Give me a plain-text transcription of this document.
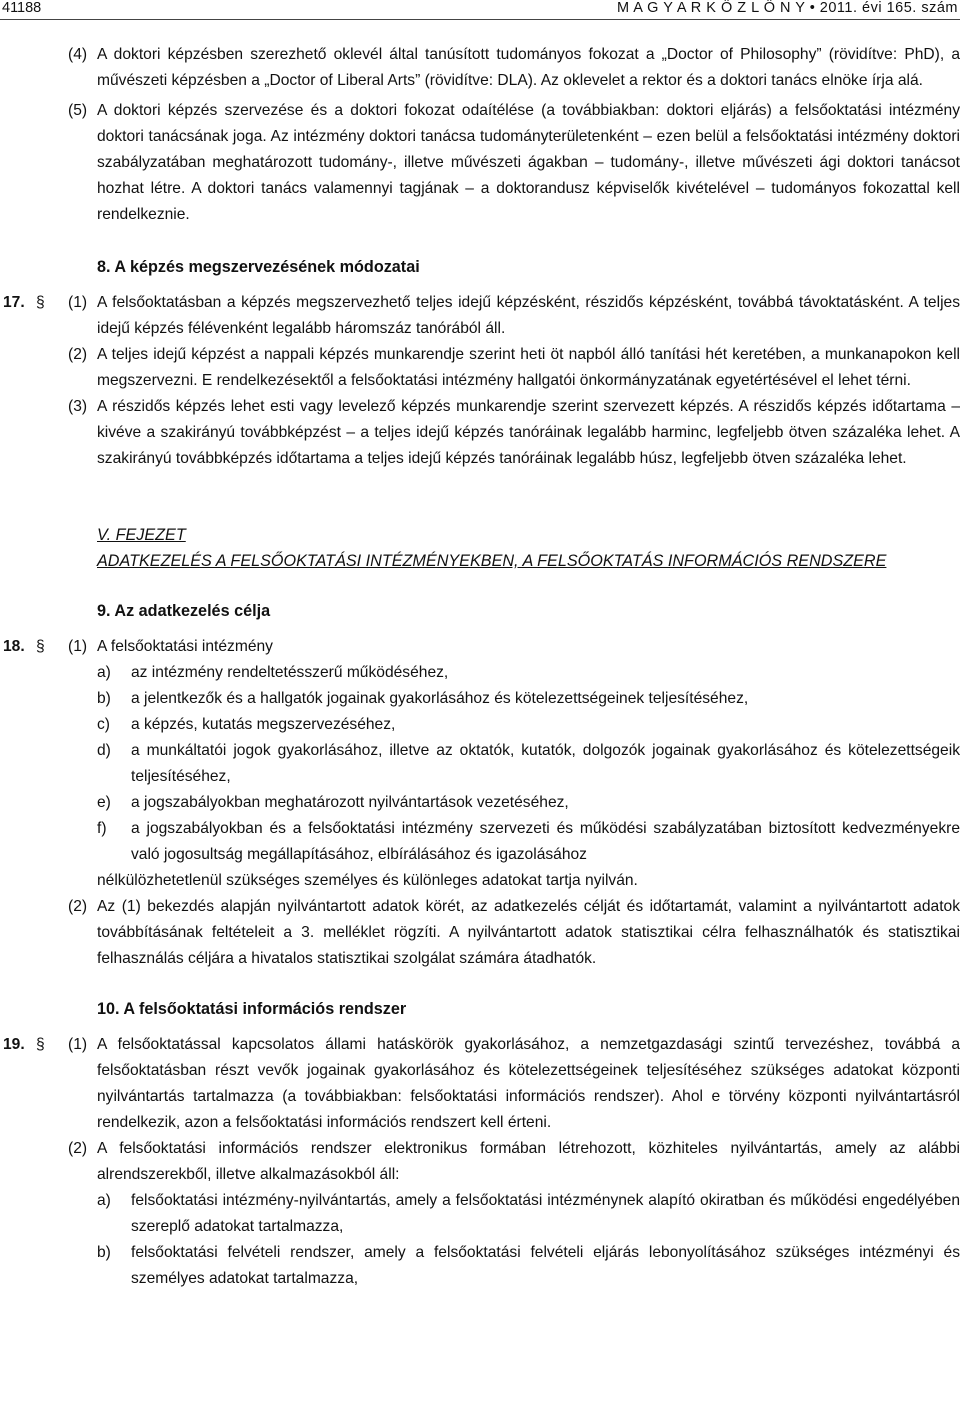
41188	M A G Y A R K Ö Z L Ö N Y • 2011. évi 165. szám
(4) A doktori képzésben szerezhető oklevél által tanúsított tudományos fokozat a „Doctor of Philosophy” (rövidítve: PhD), a művészeti képzésben a „Doctor of Liberal Arts” (rövidítve: DLA). Az oklevelet a rektor és a doktori tanács elnöke írja alá.
(5) A doktori képzés szervezése és a doktori fokozat odaítélése (a továbbiakban: doktori eljárás) a felsőoktatási intézmény doktori tanácsának joga. Az intézmény doktori tanácsa tudományterületenként – ezen belül a felsőoktatási intézmény doktori szabályzatában meghatározott tudomány-, illetve művészeti ágakban – tudomány-, illetve művészeti ági doktori tanácsot hozhat létre. A doktori tanács valamennyi tagjának – a doktorandusz képviselők kivételével – tudományos fokozattal kell rendelkeznie.
8. A képzés megszervezésének módozatai
17. § (1) A felsőoktatásban a képzés megszervezhető teljes idejű képzésként, részidős képzésként, továbbá távoktatásként. A teljes idejű képzés félévenként legalább háromszáz tanórából áll.
(2) A teljes idejű képzést a nappali képzés munkarendje szerint heti öt napból álló tanítási hét keretében, a munkanapokon kell megszervezni. E rendelkezésektől a felsőoktatási intézmény hallgatói önkormányzatának egyetértésével el lehet térni.
(3) A részidős képzés lehet esti vagy levelező képzés munkarendje szerint szervezett képzés. A részidős képzés időtartama – kivéve a szakirányú továbbképzést – a teljes idejű képzés tanóráinak legalább harminc, legfeljebb ötven százaléka lehet. A szakirányú továbbképzés időtartama a teljes idejű képzés tanóráinak legalább húsz, legfeljebb ötven százaléka lehet.
V. FEJEZET
ADATKEZELÉS A FELSŐOKTATÁSI INTÉZMÉNYEKBEN, A FELSŐOKTATÁS INFORMÁCIÓS RENDSZERE
9. Az adatkezelés célja
18. § (1) A felsőoktatási intézmény
a) az intézmény rendeltetésszerű működéséhez,
b) a jelentkezők és a hallgatók jogainak gyakorlásához és kötelezettségeinek teljesítéséhez,
c) a képzés, kutatás megszervezéséhez,
d) a munkáltatói jogok gyakorlásához, illetve az oktatók, kutatók, dolgozók jogainak gyakorlásához és kötelezettségeik teljesítéséhez,
e) a jogszabályokban meghatározott nyilvántartások vezetéséhez,
f) a jogszabályokban és a felsőoktatási intézmény szervezeti és működési szabályzatában biztosított kedvezményekre való jogosultság megállapításához, elbírálásához és igazolásához
nélkülözhetetlenül szükséges személyes és különleges adatokat tartja nyilván.
(2) Az (1) bekezdés alapján nyilvántartott adatok körét, az adatkezelés célját és időtartamát, valamint a nyilvántartott adatok továbbításának feltételeit a 3. melléklet rögzíti. A nyilvántartott adatok statisztikai célra felhasználhatók és statisztikai felhasználás céljára a hivatalos statisztikai szolgálat számára átadhatók.
10. A felsőoktatási információs rendszer
19. § (1) A felsőoktatással kapcsolatos állami hatáskörök gyakorlásához, a nemzetgazdasági szintű tervezéshez, továbbá a felsőoktatásban részt vevők jogainak gyakorlásához és kötelezettségeinek teljesítéséhez szükséges adatokat központi nyilvántartás tartalmazza (a továbbiakban: felsőoktatási információs rendszer). Ahol e törvény központi nyilvántartásról rendelkezik, azon a felsőoktatási információs rendszert kell érteni.
(2) A felsőoktatási információs rendszer elektronikus formában létrehozott, közhiteles nyilvántartás, amely az alábbi alrendszerekből, illetve alkalmazásokból áll:
a) felsőoktatási intézmény-nyilvántartás, amely a felsőoktatási intézménynek alapító okiratban és működési engedélyében szereplő adatokat tartalmazza,
b) felsőoktatási felvételi rendszer, amely a felsőoktatási felvételi eljárás lebonyolításához szükséges intézményi és személyes adatokat tartalmazza,
